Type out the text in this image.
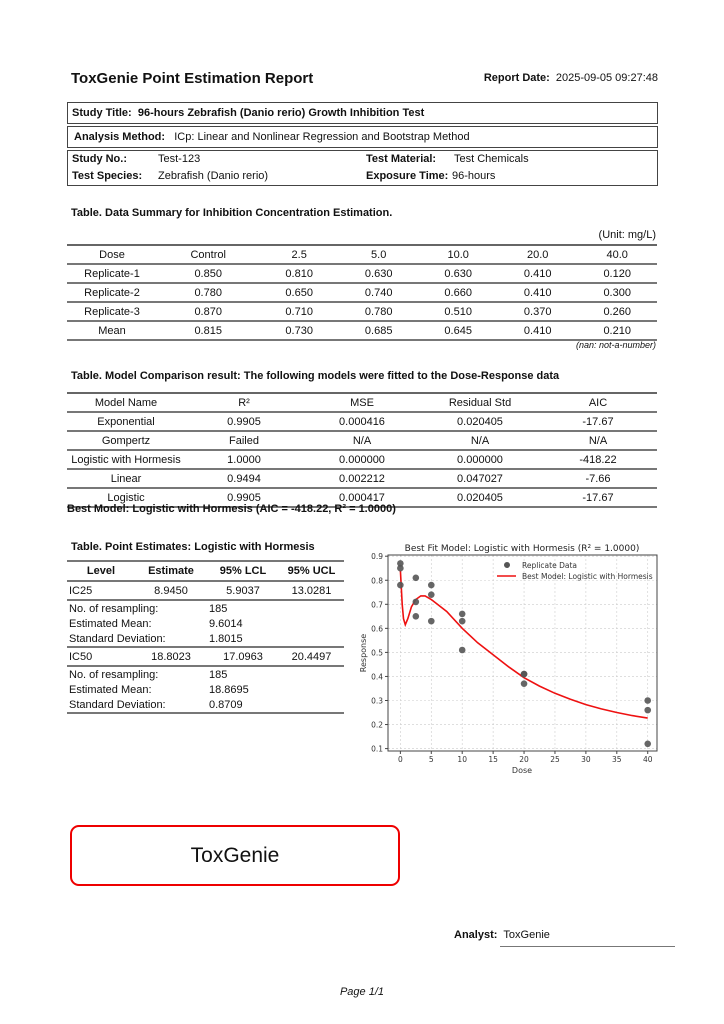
ToxGenie Point Estimation Report	Report Date: 2025-09-05 09:27:48
Study Title: 96-hours Zebrafish (Danio rerio) Growth Inhibition Test
Analysis Method: ICp: Linear and Nonlinear Regression and Bootstrap Method
Study No.:	Test-123	Test Material: Test Chemicals
Test Species: Zebrafish (Danio rerio)	Exposure Time: 96-hours
Table. Data Summary for Inhibition Concentration Estimation.
(Unit: mg/L)
Dose	Control	2.5	5.0	10.0	20.0	40.0
Replicate-1	0.850	0.810	0.630	0.630	0.410	0.120
Replicate-2	0.780	0.650	0.740	0.660	0.410	0.300
Replicate-3	0.870	0.710	0.780	0.510	0.370	0.260
Mean	0.815	0.730	0.685	0.645	0.410	0.210
(nan: not-a-number)
Table. Model Comparison result: The following models were fitted to the Dose-Response data
Model Name	R²	MSE	Residual Std	AIC
Exponential	0.9905	0.000416	0.020405	-17.67
Gompertz	Failed	N/A	N/A	N/A
Logistic with Hormesis	1.0000	0.000000	0.000000	-418.22
Linear	0.9494	0.002212	0.047027	-7.66
Logistic	0.9905	0.000417	0.020405	-17.67
Best Model: Logistic with Hormesis (AIC = -418.22, R² = 1.0000)
Table. Point Estimates: Logistic with Hormesis
Level	Estimate	95% LCL	95% UCL
IC25	8.9450	5.9037	13.0281
No. of resampling:		185	
Estimated Mean:		9.6014	
Standard Deviation:		1.8015	
IC50	18.8023	17.0963	20.4497
No. of resampling:		185	
Estimated Mean:		18.8695	
Standard Deviation:		0.8709	
Best Fit Model: Logistic with Hormesis (R² = 1.0000)
0	5	10	15	20	25	30	35	40
0.1
0.2
0.3
0.4
0.5
0.6
0.7
0.8
0.9
Dose
Response
Replicate Data
Best Model: Logistic with Hormesis
ToxGenie
Analyst: ToxGenie
Page 1/1
